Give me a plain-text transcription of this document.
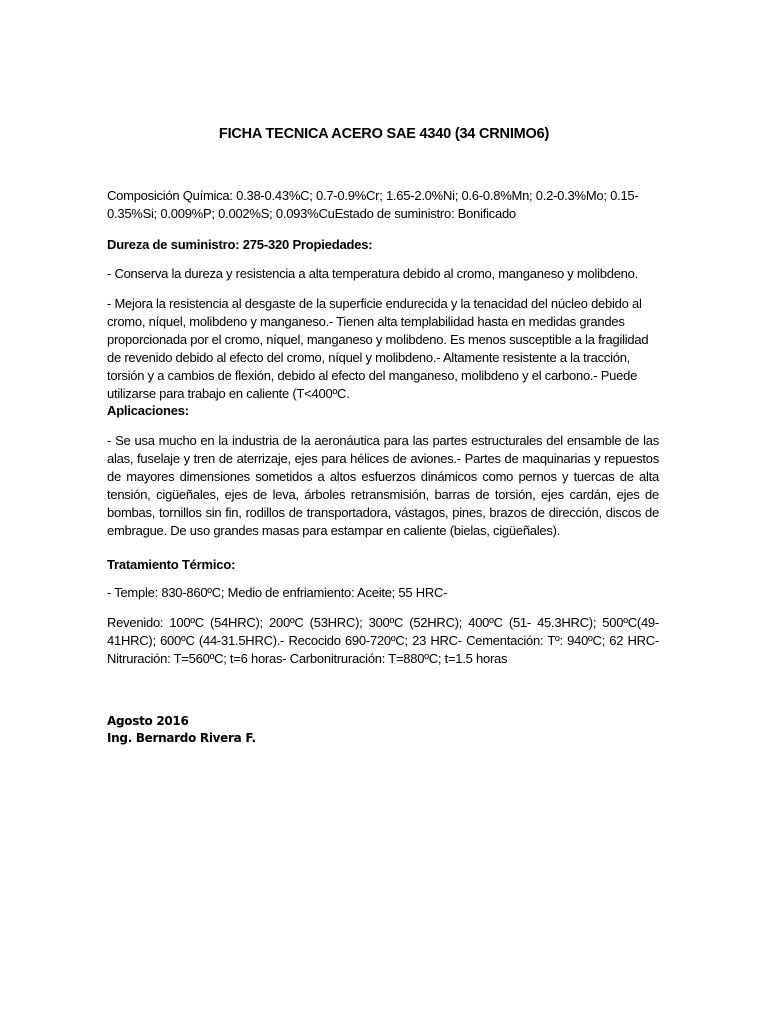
FICHA TECNICA ACERO SAE 4340 (34 CRNIMO6)

Composición Química: 0.38-0.43%C; 0.7-0.9%Cr; 1.65-2.0%Ni; 0.6-0.8%Mn; 0.2-0.3%Mo; 0.15-0.35%Si; 0.009%P; 0.002%S; 0.093%CuEstado de suministro: Bonificado

Dureza de suministro: 275-320 Propiedades:

- Conserva la dureza y resistencia a alta temperatura debido al cromo, manganeso y molibdeno.

- Mejora la resistencia al desgaste de la superficie endurecida y la tenacidad del núcleo debido al cromo, níquel, molibdeno y manganeso.- Tienen alta templabilidad hasta en medidas grandes proporcionada por el cromo, níquel, manganeso y molibdeno. Es menos susceptible a la fragilidad de revenido debido al efecto del cromo, níquel y molibdeno.- Altamente resistente a la tracción, torsión y a cambios de flexión, debido al efecto del manganeso, molibdeno y el carbono.- Puede utilizarse para trabajo en caliente (T<400ºC.

Aplicaciones:

- Se usa mucho en la industria de la aeronáutica para las partes estructurales del ensamble de las alas, fuselaje y tren de aterrizaje, ejes para hélices de aviones.- Partes de maquinarias y repuestos de mayores dimensiones sometidos a altos esfuerzos dinámicos como pernos y tuercas de alta tensión, cigüeñales, ejes de leva, árboles retransmisión, barras de torsión, ejes cardán, ejes de bombas, tornillos sin fin, rodillos de transportadora, vástagos, pines, brazos de dirección, discos de embrague. De uso grandes masas para estampar en caliente (bielas, cigüeñales).

Tratamiento Térmico:

- Temple: 830-860ºC; Medio de enfriamiento: Aceite; 55 HRC-

Revenido: 100ºC (54HRC); 200ºC (53HRC); 300ºC (52HRC); 400ºC (51- 45.3HRC); 500ºC(49-41HRC); 600ºC (44-31.5HRC).- Recocido 690-720ºC; 23 HRC- Cementación: Tº: 940ºC; 62 HRC- Nitruración: T=560ºC; t=6 horas- Carbonitruración: T=880ºC; t=1.5 horas

Agosto 2016
Ing. Bernardo Rivera F.
